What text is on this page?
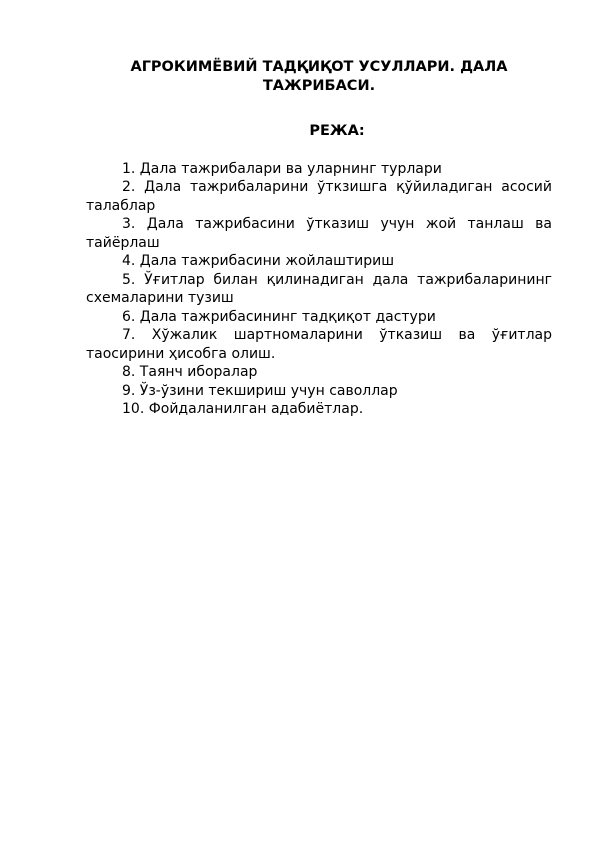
АГРОКИМЁВИЙ ТАДҚИҚОТ УСУЛЛАРИ. ДАЛА ТАЖРИБАСИ.
РЕЖА:
1. Дала тажрибалари ва уларнинг турлари
2. Дала тажрибаларини ўткзишга қўйиладиган асосий талаблар
3. Дала тажрибасини ўтказиш учун жой танлаш ва тайёрлаш
4. Дала тажрибасини жойлаштириш
5. Ўғитлар билан қилинадиган дала тажрибаларининг схемаларини тузиш
6. Дала тажрибасининг тадқиқот дастури
7. Хўжалик шартномаларини ўтказиш ва ўғитлар таосирини ҳисобга олиш.
8. Таянч иборалар
9. Ўз-ўзини текшириш учун саволлар
10. Фойдаланилган адабиётлар.
